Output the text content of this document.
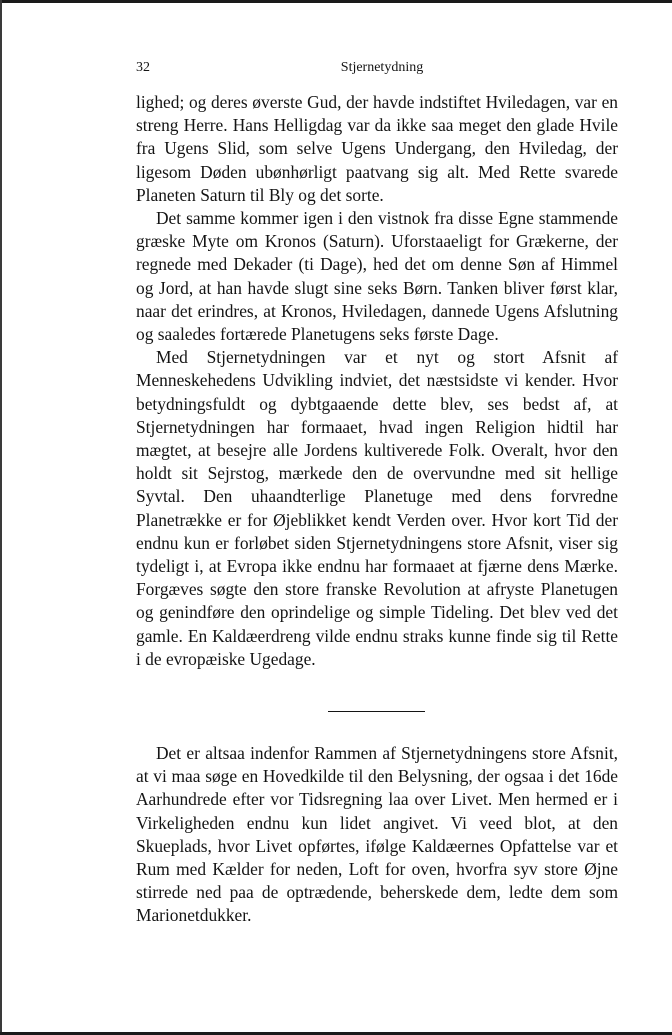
32	Stjernetydning

lighed; og deres øverste Gud, der havde indstiftet Hviledagen, var en streng Herre. Hans Helligdag var da ikke saa meget den glade Hvile fra Ugens Slid, som selve Ugens Undergang, den Hviledag, der ligesom Døden ubønhørligt paatvang sig alt. Med Rette svarede Planeten Saturn til Bly og det sorte.

Det samme kommer igen i den vistnok fra disse Egne stammende græske Myte om Kronos (Saturn). Uforstaaeligt for Grækerne, der regnede med Dekader (ti Dage), hed det om denne Søn af Himmel og Jord, at han havde slugt sine seks Børn. Tanken bliver først klar, naar det erindres, at Kronos, Hviledagen, dannede Ugens Afslutning og saaledes fortærede Planetugens seks første Dage.

Med Stjernetydningen var et nyt og stort Afsnit af Menneskehedens Udvikling indviet, det næstsidste vi kender. Hvor betydningsfuldt og dybtgaaende dette blev, ses bedst af, at Stjernetydningen har formaaet, hvad ingen Religion hidtil har mægtet, at besejre alle Jordens kultiverede Folk. Overalt, hvor den holdt sit Sejrstog, mærkede den de overvundne med sit hellige Syvtal. Den uhaandterlige Planetuge med dens forvredne Planetrække er for Øjeblikket kendt Verden over. Hvor kort Tid der endnu kun er forløbet siden Stjernetydningens store Afsnit, viser sig tydeligt i, at Evropa ikke endnu har formaaet at fjærne dens Mærke. Forgæves søgte den store franske Revolution at afryste Planetugen og genindføre den oprindelige og simple Tideling. Det blev ved det gamle. En Kaldæerdreng vilde endnu straks kunne finde sig til Rette i de evropæiske Ugedage.

Det er altsaa indenfor Rammen af Stjernetydningens store Afsnit, at vi maa søge en Hovedkilde til den Belysning, der ogsaa i det 16de Aarhundrede efter vor Tidsregning laa over Livet. Men hermed er i Virkeligheden endnu kun lidet angivet. Vi veed blot, at den Skueplads, hvor Livet opførtes, ifølge Kaldæernes Opfattelse var et Rum med Kælder for neden, Loft for oven, hvorfra syv store Øjne stirrede ned paa de optrædende, beherskede dem, ledte dem som Marionetdukker.
